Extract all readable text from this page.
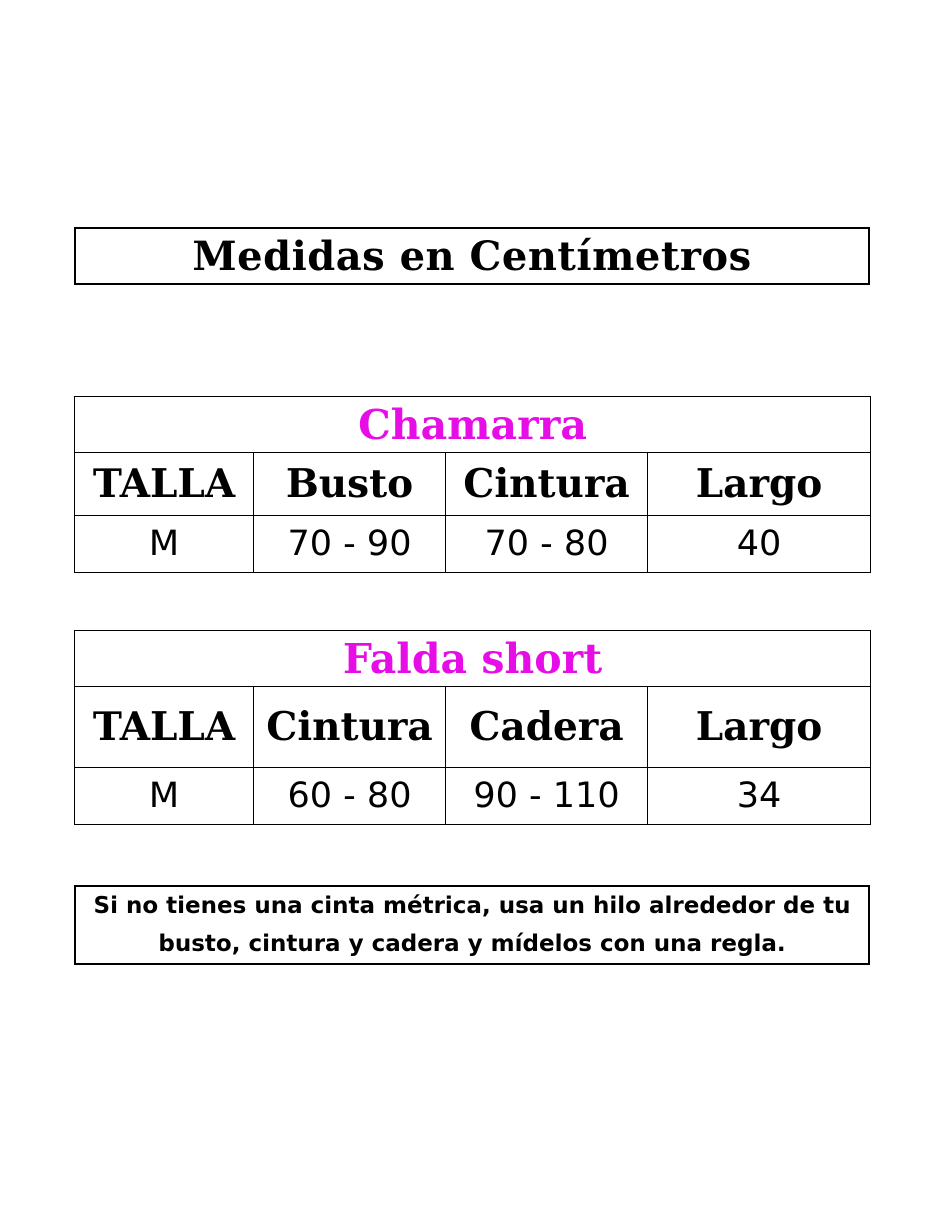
Medidas en Centímetros
Chamarra			
TALLA	Busto	Cintura	Largo
M	70 - 90	70 - 80	40
Falda short			
TALLA	Cintura	Cadera	Largo
M	60 - 80	90 - 110	34
Si no tienes una cinta métrica, usa un hilo alrededor de tu
busto, cintura y cadera y mídelos con una regla.
